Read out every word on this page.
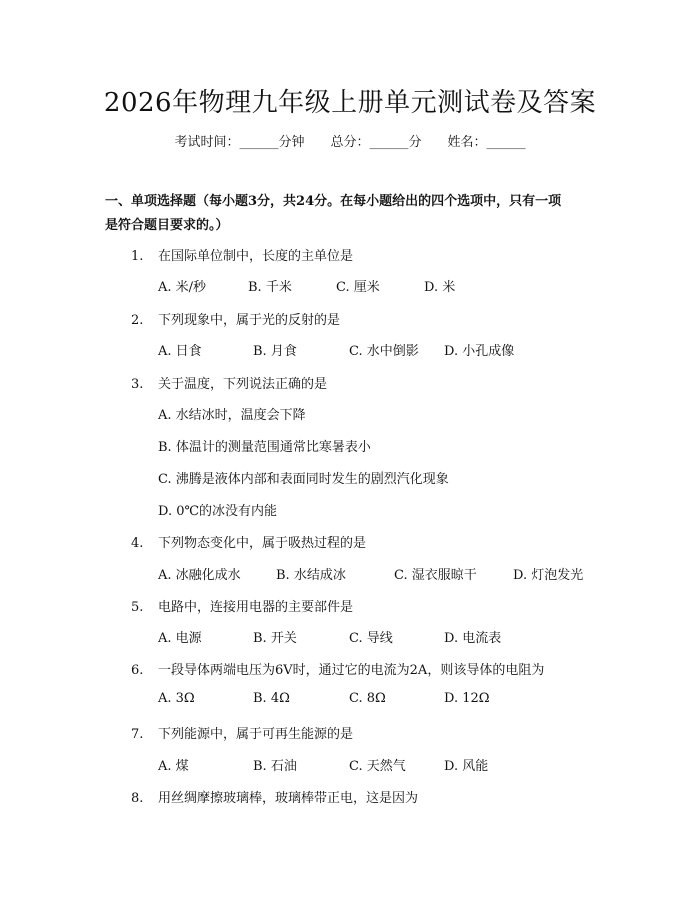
2026年物理九年级上册单元测试卷及答案
考试时间：______分钟 总分：______分 姓名：______
一、单项选择题（每小题3分，共24分。在每小题给出的四个选项中，只有一项
是符合题目要求的。）
1. 在国际单位制中，长度的主单位是
A. 米/秒	B. 千米	C. 厘米	D. 米
2. 下列现象中，属于光的反射的是
A. 日食	B. 月食	C. 水中倒影 D. 小孔成像
3. 关于温度，下列说法正确的是
A. 水结冰时，温度会下降
B. 体温计的测量范围通常比寒暑表小
C. 沸腾是液体内部和表面同时发生的剧烈汽化现象
D. 0℃的冰没有内能
4. 下列物态变化中，属于吸热过程的是
A. 冰融化成水	B. 水结成冰	C. 湿衣服晾干	D. 灯泡发光
5. 电路中，连接用电器的主要部件是
A. 电源	B. 开关	C. 导线	D. 电流表
6. 一段导体两端电压为6V时，通过它的电流为2A，则该导体的电阻为
A. 3Ω	B. 4Ω	C. 8Ω	D. 12Ω
7. 下列能源中，属于可再生能源的是
A. 煤	B. 石油	C. 天然气	D. 风能
8. 用丝绸摩擦玻璃棒，玻璃棒带正电，这是因为
